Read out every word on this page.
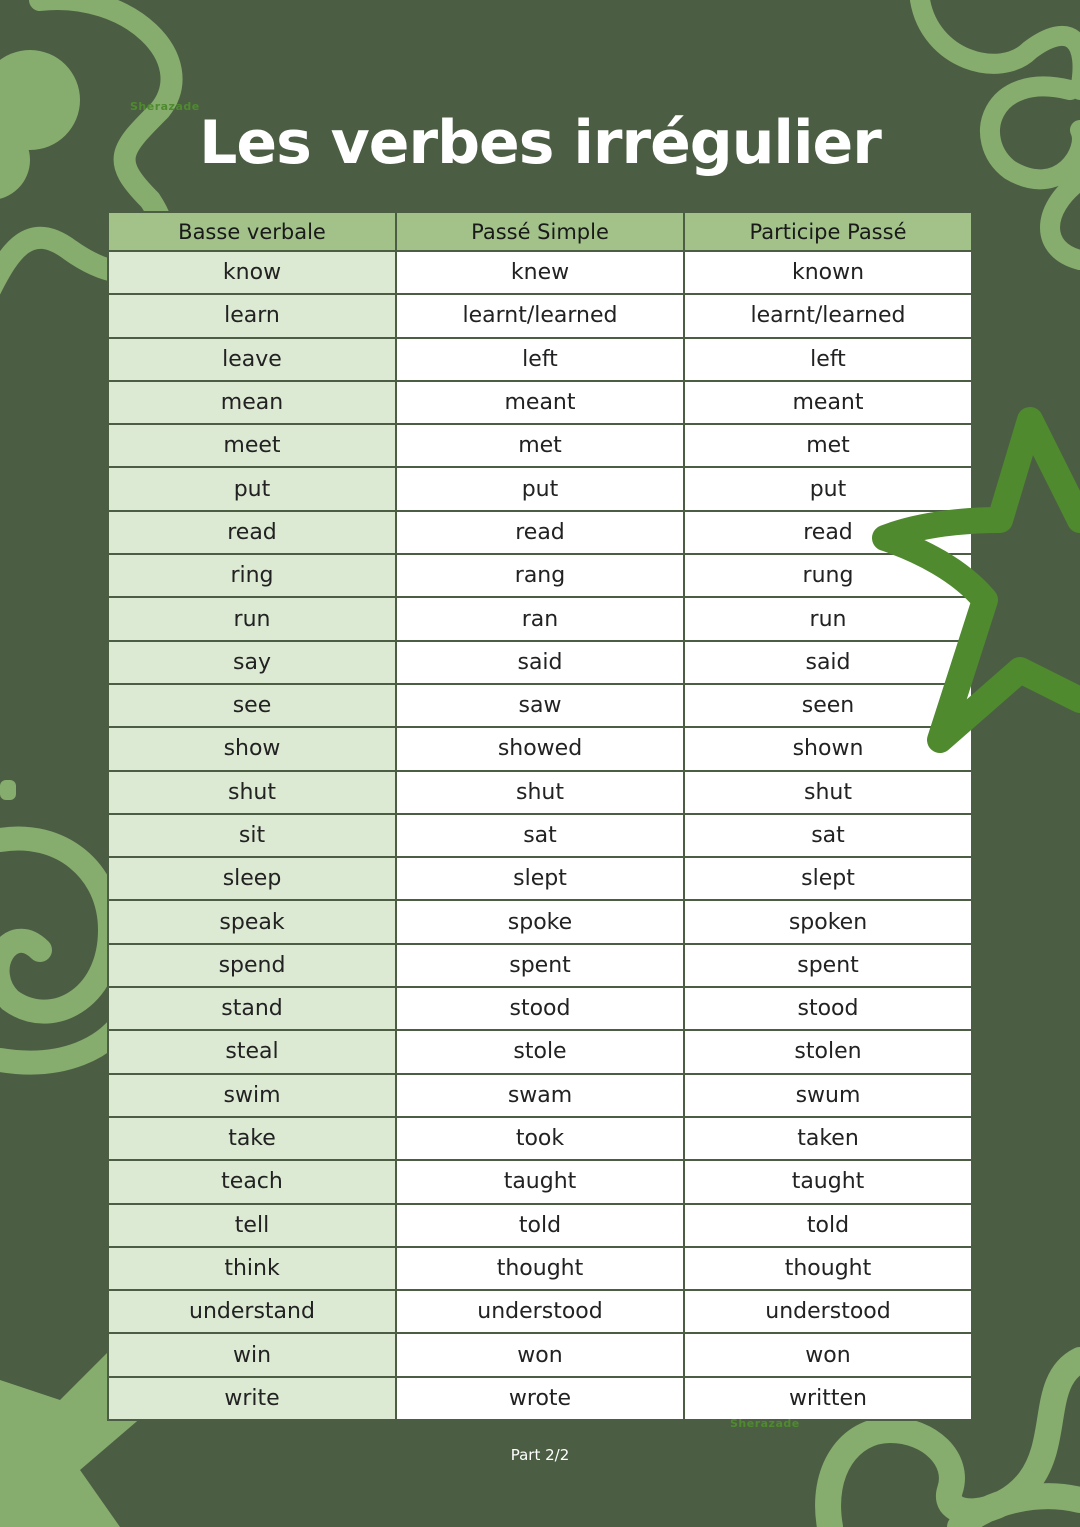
Sherazade
Les verbes irrégulier
Basse verbale	Passé Simple	Participe Passé
know	knew	known
learn	learnt/learned	learnt/learned
leave	left	left
mean	meant	meant
meet	met	met
put	put	put
read	read	read
ring	rang	rung
run	ran	run
say	said	said
see	saw	seen
show	showed	shown
shut	shut	shut
sit	sat	sat
sleep	slept	slept
speak	spoke	spoken
spend	spent	spent
stand	stood	stood
steal	stole	stolen
swim	swam	swum
take	took	taken
teach	taught	taught
tell	told	told
think	thought	thought
understand	understood	understood
win	won	won
write	wrote	written
Sherazade
Part 2/2
